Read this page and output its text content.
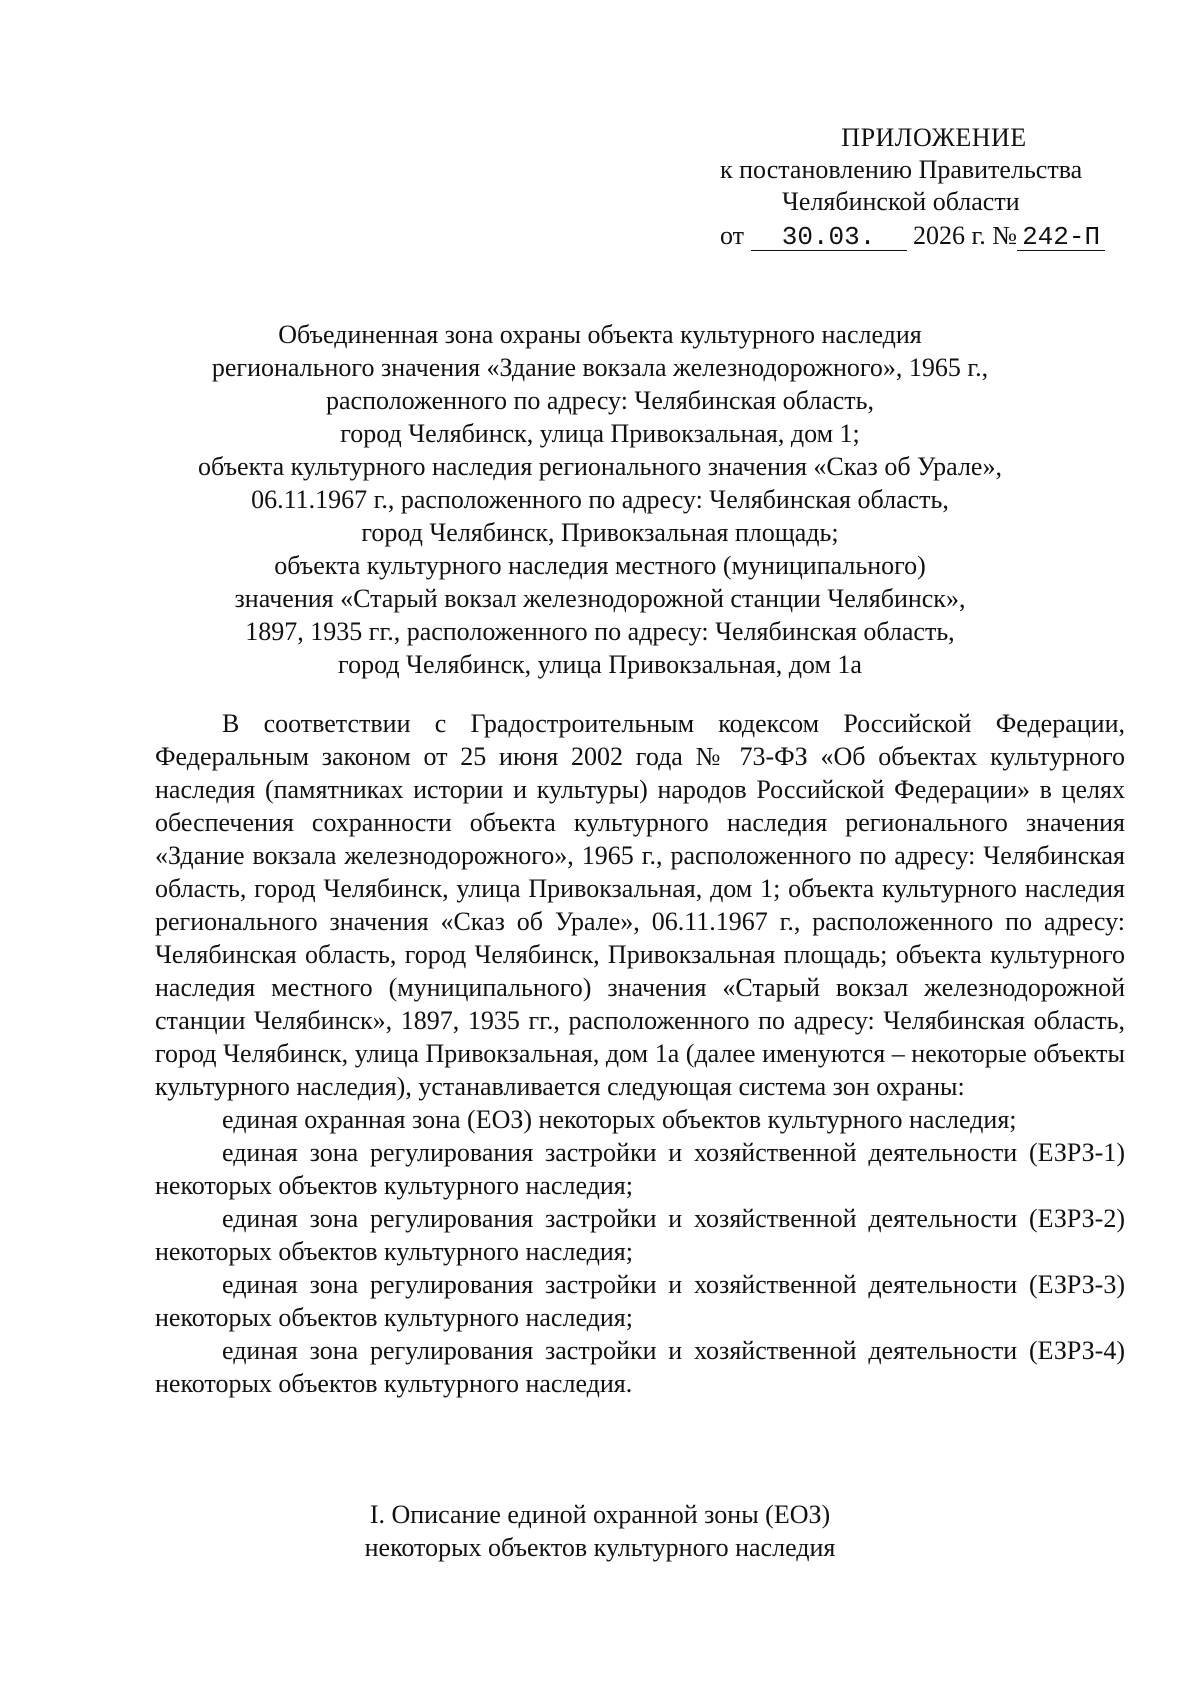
ПРИЛОЖЕНИЕ
к постановлению Правительства
Челябинской области
от 30.03. 2026 г. № 242-П
Объединенная зона охраны объекта культурного наследия
регионального значения «Здание вокзала железнодорожного», 1965 г.,
расположенного по адресу: Челябинская область,
город Челябинск, улица Привокзальная, дом 1;
объекта культурного наследия регионального значения «Сказ об Урале»,
06.11.1967 г., расположенного по адресу: Челябинская область,
город Челябинск, Привокзальная площадь;
объекта культурного наследия местного (муниципального)
значения «Старый вокзал железнодорожной станции Челябинск»,
1897, 1935 гг., расположенного по адресу: Челябинская область,
город Челябинск, улица Привокзальная, дом 1а

В соответствии с Градостроительным кодексом Российской Федерации, Федеральным законом от 25 июня 2002 года № 73-ФЗ «Об объектах культурного наследия (памятниках истории и культуры) народов Российской Федерации» в целях обеспечения сохранности объекта культурного наследия регионального значения «Здание вокзала железнодорожного», 1965 г., расположенного по адресу: Челябинская область, город Челябинск, улица Привокзальная, дом 1; объекта культурного наследия регионального значения «Сказ об Урале», 06.11.1967 г., расположенного по адресу: Челябинская область, город Челябинск, Привокзальная площадь; объекта культурного наследия местного (муниципального) значения «Старый вокзал железнодорожной станции Челябинск», 1897, 1935 гг., расположенного по адресу: Челябинская область, город Челябинск, улица Привокзальная, дом 1а (далее именуются – некоторые объекты культурного наследия), устанавливается следующая система зон охраны:

единая охранная зона (ЕОЗ) некоторых объектов культурного наследия;

единая зона регулирования застройки и хозяйственной деятельности (ЕЗРЗ-1) некоторых объектов культурного наследия;

единая зона регулирования застройки и хозяйственной деятельности (ЕЗРЗ-2) некоторых объектов культурного наследия;

единая зона регулирования застройки и хозяйственной деятельности (ЕЗРЗ-3) некоторых объектов культурного наследия;

единая зона регулирования застройки и хозяйственной деятельности (ЕЗРЗ-4) некоторых объектов культурного наследия.

I. Описание единой охранной зоны (ЕОЗ)
некоторых объектов культурного наследия
